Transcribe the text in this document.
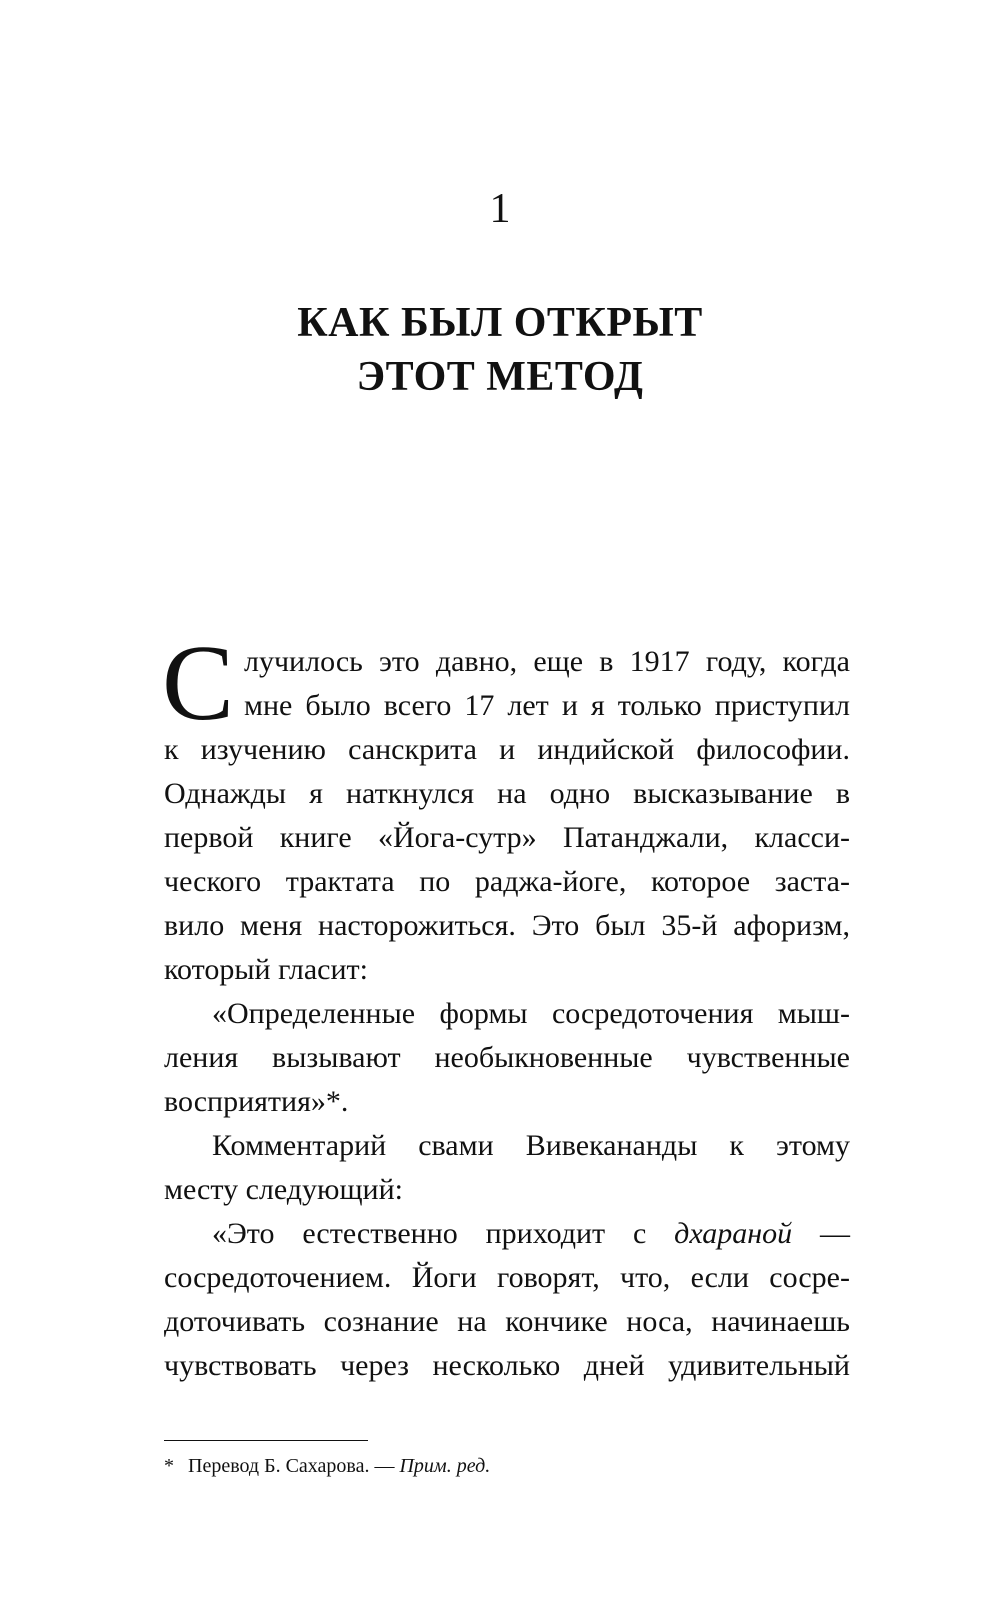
1
КАК БЫЛ ОТКРЫТ
ЭТОТ МЕТОД
С лучилось это давно, еще в 1917 году, когда
мне было всего 17 лет и я только приступил
к изучению санскрита и индийской философии.
Однажды я наткнулся на одно высказывание в
первой книге «Йога-сутр» Патанджали, класси-
ческого трактата по раджа-йоге, которое заста-
вило меня насторожиться. Это был 35-й афоризм,
который гласит:
«Определенные формы сосредоточения мыш-
ления вызывают необыкновенные чувственные
восприятия»*.
Комментарий свами Вивекананды к этому
месту следующий:
«Это естественно приходит с дхараной —
сосредоточением. Йоги говорят, что, если сосре-
доточивать сознание на кончике носа, начинаешь
чувствовать через несколько дней удивительный
* Перевод Б. Сахарова. — Прим. ред.
